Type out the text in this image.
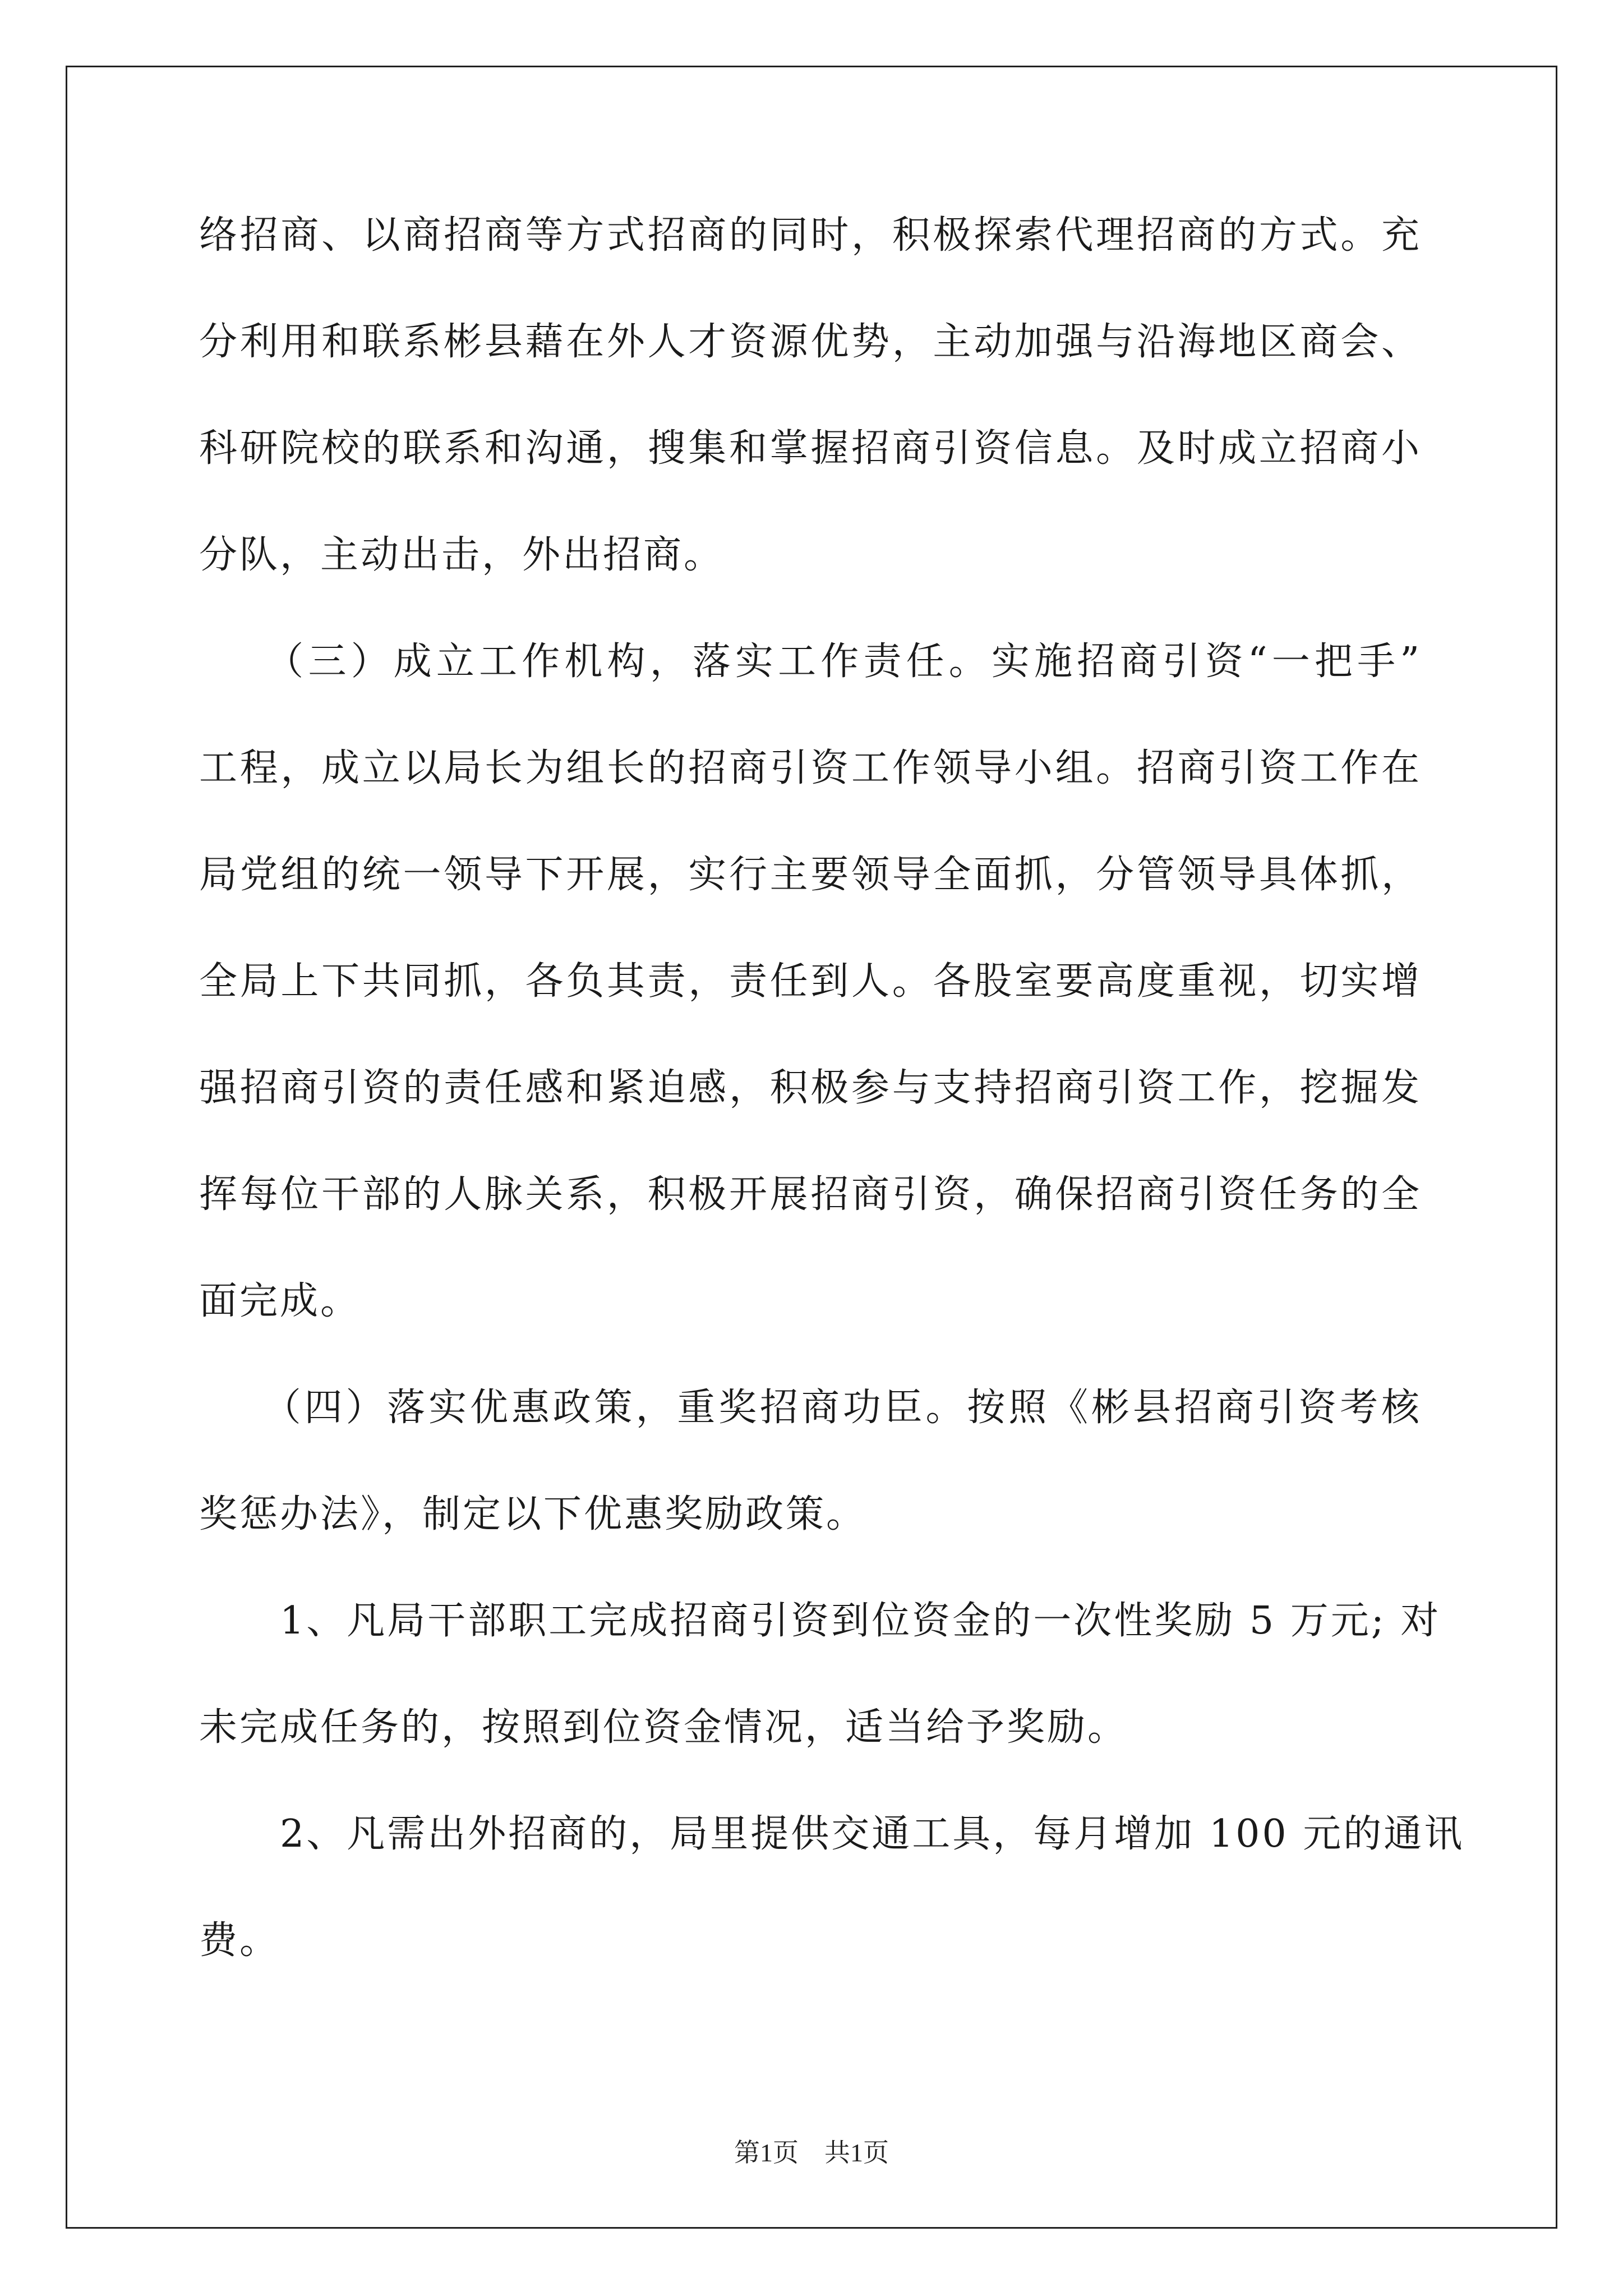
络招商、以商招商等方式招商的同时，积极探索代理招商的方式。充
分利用和联系彬县藉在外人才资源优势，主动加强与沿海地区商会、
科研院校的联系和沟通，搜集和掌握招商引资信息。及时成立招商小
分队，主动出击，外出招商。
　　（三）成立工作机构，落实工作责任。实施招商引资“一把手”
工程，成立以局长为组长的招商引资工作领导小组。招商引资工作在
局党组的统一领导下开展，实行主要领导全面抓，分管领导具体抓，
全局上下共同抓，各负其责，责任到人。各股室要高度重视，切实增
强招商引资的责任感和紧迫感，积极参与支持招商引资工作，挖掘发
挥每位干部的人脉关系，积极开展招商引资，确保招商引资任务的全
面完成。
　　（四）落实优惠政策，重奖招商功臣。按照《彬县招商引资考核
奖惩办法》，制定以下优惠奖励政策。
　　1、凡局干部职工完成招商引资到位资金的一次性奖励 5 万元; 对
未完成任务的，按照到位资金情况，适当给予奖励。
　　2、凡需出外招商的，局里提供交通工具，每月增加 100 元的通讯
费。
第1页　共1页
